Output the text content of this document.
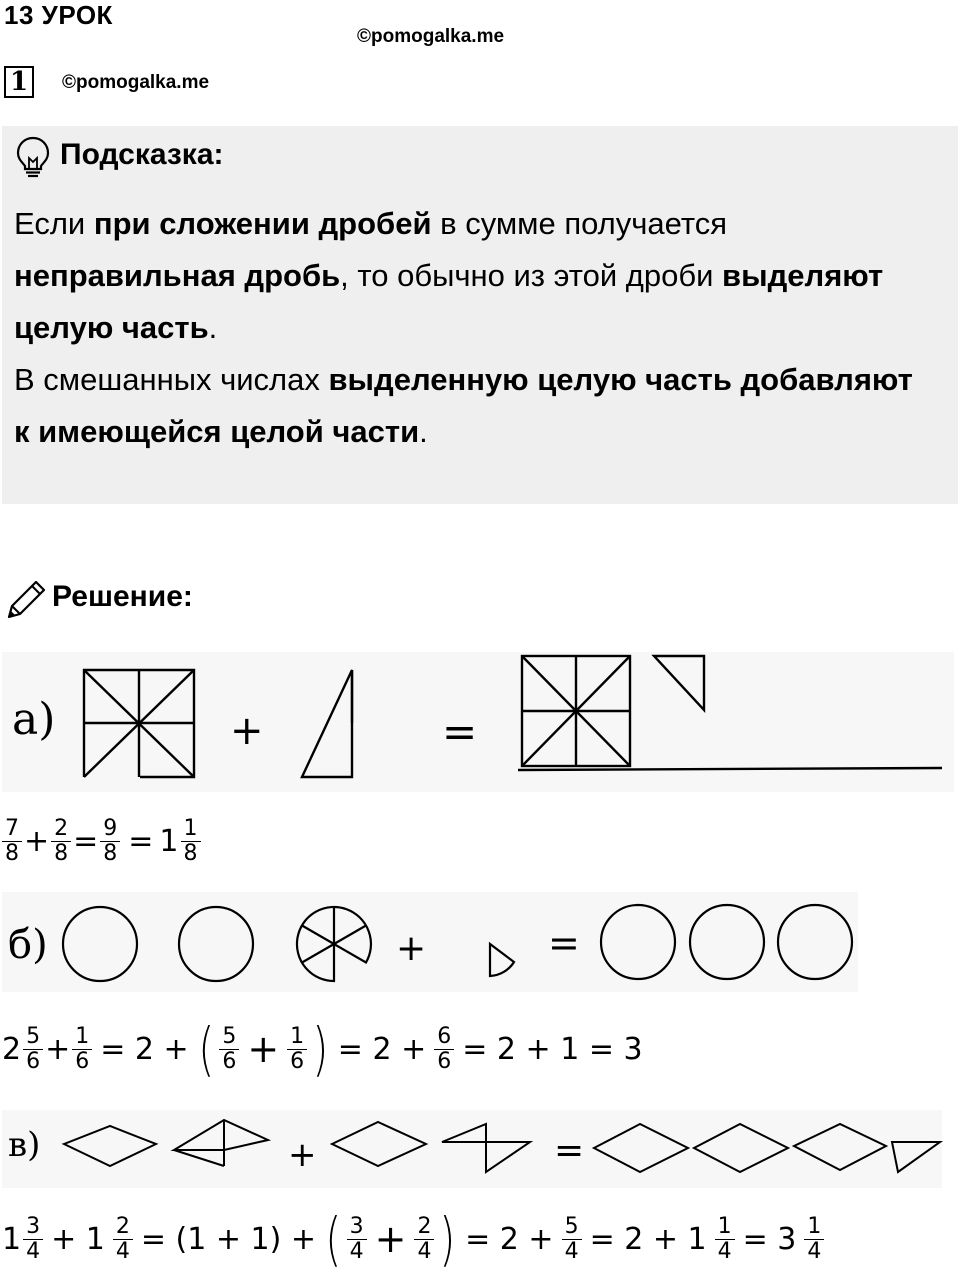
13 УРОК
©pomogalka.me
1	©pomogalka.me
Подсказка:
Если при сложении дробей в сумме получается
неправильная дробь, то обычно из этой дроби выделяют
целую часть.
В смешанных числах выделенную целую часть добавляют
к имеющейся целой части.
Решение:
а)	+	=
$\frac{7}{8} + \frac{2}{8} = \frac{9}{8} = 1 \frac{1}{8}$
б)	+	=
$2 \frac{5}{6} + \frac{1}{6} = 2$ + ( $\frac{5}{6} + \frac{1}{6}$ ) = $2 + \frac{6}{6} = 2 + 1 = 3$
в)	+	=
$1 \frac{3}{4} + 1 \frac{2}{4} = (1 + 1)$ + ( $\frac{3}{4} + \frac{2}{4}$ ) = $2 + \frac{5}{4} = 2 + 1 \frac{1}{4} = 3 \frac{1}{4}$
